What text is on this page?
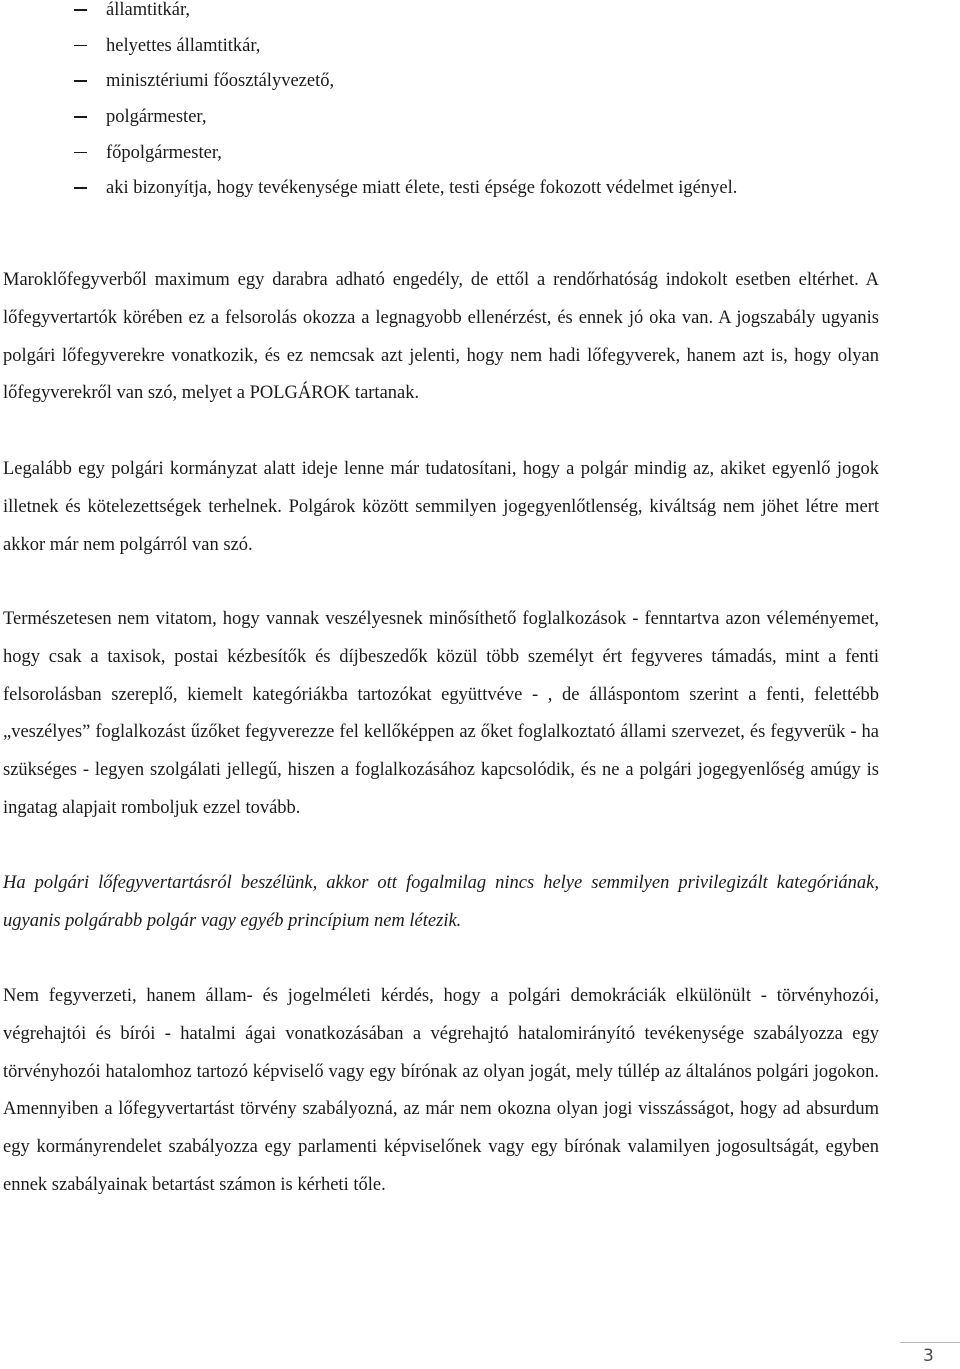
államtitkár,
helyettes államtitkár,
minisztériumi főosztályvezető,
polgármester,
főpolgármester,
aki bizonyítja, hogy tevékenysége miatt élete, testi épsége fokozott védelmet igényel.

Maroklőfegyverből maximum egy darabra adható engedély, de ettől a rendőrhatóság indokolt esetben eltérhet. A lőfegyvertartók körében ez a felsorolás okozza a legnagyobb ellenérzést, és ennek jó oka van. A jogszabály ugyanis polgári lőfegyverekre vonatkozik, és ez nemcsak azt jelenti, hogy nem hadi lőfegyverek, hanem azt is, hogy olyan lőfegyverekről van szó, melyet a POLGÁROK tartanak.

Legalább egy polgári kormányzat alatt ideje lenne már tudatosítani, hogy a polgár mindig az, akiket egyenlő jogok illetnek és kötelezettségek terhelnek. Polgárok között semmilyen jogegyenlőtlenség, kiváltság nem jöhet létre mert akkor már nem polgárról van szó.

Természetesen nem vitatom, hogy vannak veszélyesnek minősíthető foglalkozások - fenntartva azon véleményemet, hogy csak a taxisok, postai kézbesítők és díjbeszedők közül több személyt ért fegyveres támadás, mint a fenti felsorolásban szereplő, kiemelt kategóriákba tartozókat együttvéve - , de álláspontom szerint a fenti, felettébb „veszélyes” foglalkozást űzőket fegyverezze fel kellőképpen az őket foglalkoztató állami szervezet, és fegyverük - ha szükséges - legyen szolgálati jellegű, hiszen a foglalkozásához kapcsolódik, és ne a polgári jogegyenlőség amúgy is ingatag alapjait romboljuk ezzel tovább.

Ha polgári lőfegyvertartásról beszélünk, akkor ott fogalmilag nincs helye semmilyen privilegizált kategóriának, ugyanis polgárabb polgár vagy egyéb princípium nem létezik.

Nem fegyverzeti, hanem állam- és jogelméleti kérdés, hogy a polgári demokráciák elkülönült - törvényhozói, végrehajtói és bírói - hatalmi ágai vonatkozásában a végrehajtó hatalomirányító tevékenysége szabályozza egy törvényhozói hatalomhoz tartozó képviselő vagy egy bírónak az olyan jogát, mely túllép az általános polgári jogokon. Amennyiben a lőfegyvertartást törvény szabályozná, az már nem okozna olyan jogi visszásságot, hogy ad absurdum egy kormányrendelet szabályozza egy parlamenti képviselőnek vagy egy bírónak valamilyen jogosultságát, egyben ennek szabályainak betartást számon is kérheti tőle.

3
